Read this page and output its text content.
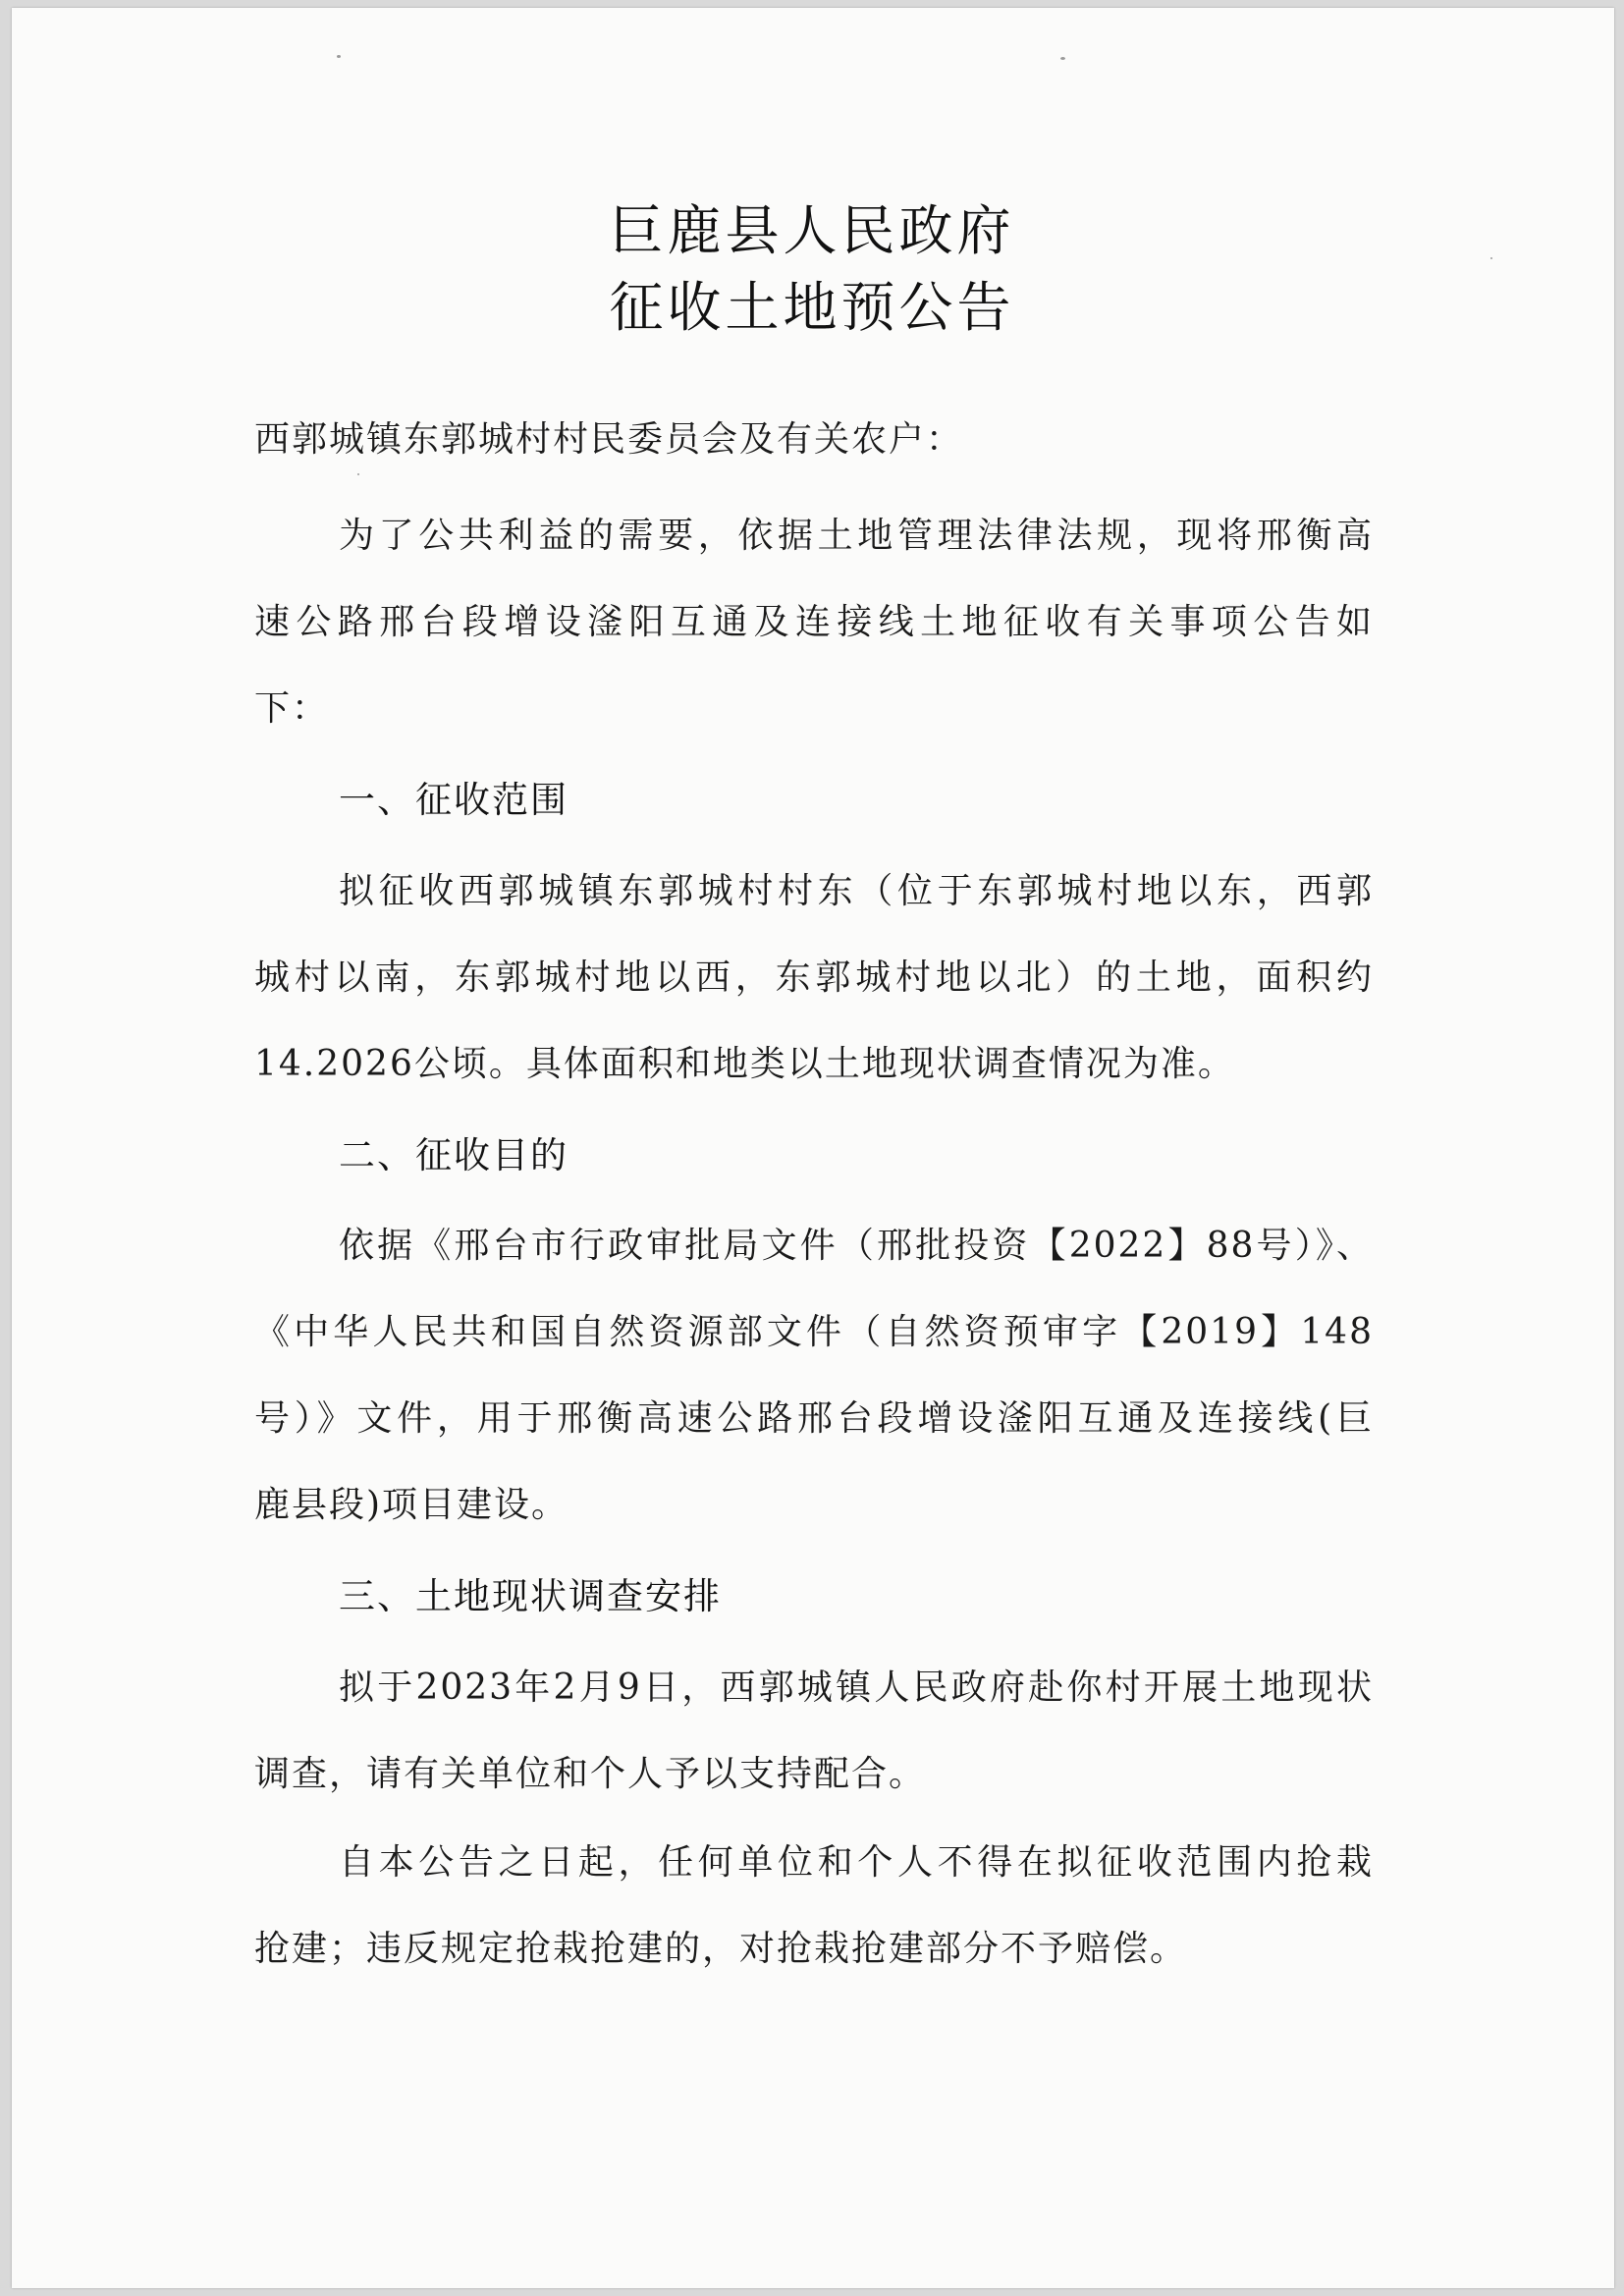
巨鹿县人民政府
征收土地预公告
西郭城镇东郭城村村民委员会及有关农户：
为了公共利益的需要，依据土地管理法律法规，现将邢衡高
速公路邢台段增设滏阳互通及连接线土地征收有关事项公告如
下：
一、征收范围
拟征收西郭城镇东郭城村村东（位于东郭城村地以东，西郭
城村以南，东郭城村地以西，东郭城村地以北）的土地，面积约
14.2026公顷。具体面积和地类以土地现状调查情况为准。
二、征收目的
依据《邢台市行政审批局文件（邢批投资【2022】88号）》、
《中华人民共和国自然资源部文件（自然资预审字【2019】148
号）》文件，用于邢衡高速公路邢台段增设滏阳互通及连接线(巨
鹿县段)项目建设。
三、土地现状调查安排
拟于2023年2月9日，西郭城镇人民政府赴你村开展土地现状
调查，请有关单位和个人予以支持配合。
自本公告之日起，任何单位和个人不得在拟征收范围内抢栽
抢建；违反规定抢栽抢建的，对抢栽抢建部分不予赔偿。
